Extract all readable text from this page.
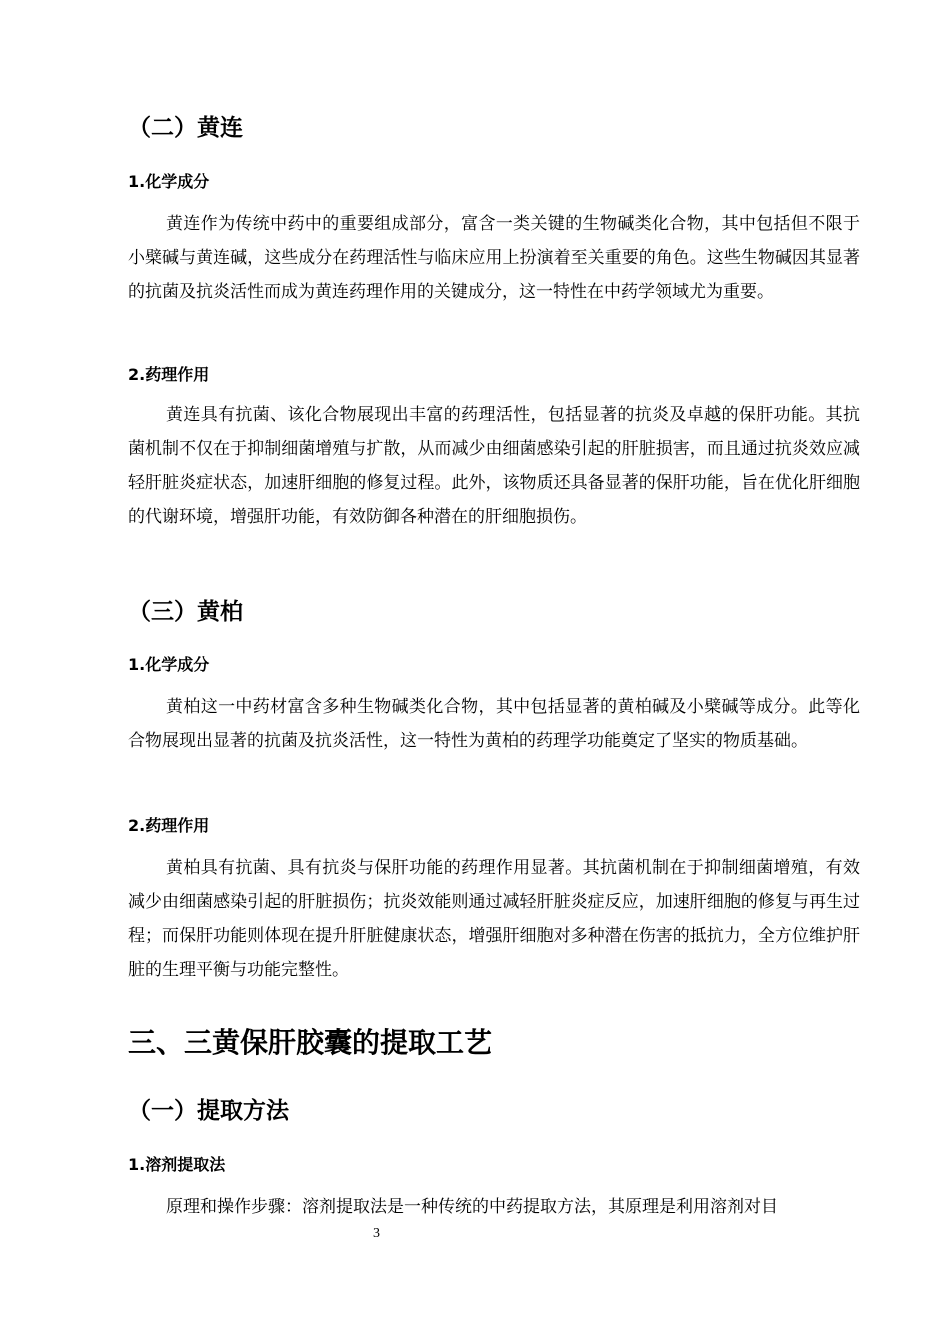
（二）黄连
1.化学成分

黄连作为传统中药中的重要组成部分，富含一类关键的生物碱类化合物，其中包括但不限于小檗碱与黄连碱，这些成分在药理活性与临床应用上扮演着至关重要的角色。这些生物碱因其显著的抗菌及抗炎活性而成为黄连药理作用的关键成分，这一特性在中药学领域尤为重要。

2.药理作用

黄连具有抗菌、该化合物展现出丰富的药理活性，包括显著的抗炎及卓越的保肝功能。其抗菌机制不仅在于抑制细菌增殖与扩散，从而减少由细菌感染引起的肝脏损害，而且通过抗炎效应减轻肝脏炎症状态，加速肝细胞的修复过程。此外，该物质还具备显著的保肝功能，旨在优化肝细胞的代谢环境，增强肝功能，有效防御各种潜在的肝细胞损伤。

（三）黄柏
1.化学成分

黄柏这一中药材富含多种生物碱类化合物，其中包括显著的黄柏碱及小檗碱等成分。此等化合物展现出显著的抗菌及抗炎活性，这一特性为黄柏的药理学功能奠定了坚实的物质基础。

2.药理作用

黄柏具有抗菌、具有抗炎与保肝功能的药理作用显著。其抗菌机制在于抑制细菌增殖，有效减少由细菌感染引起的肝脏损伤；抗炎效能则通过减轻肝脏炎症反应，加速肝细胞的修复与再生过程；而保肝功能则体现在提升肝脏健康状态，增强肝细胞对多种潜在伤害的抵抗力，全方位维护肝脏的生理平衡与功能完整性。

三、三黄保肝胶囊的提取工艺
（一）提取方法
1.溶剂提取法

原理和操作步骤：溶剂提取法是一种传统的中药提取方法，其原理是利用溶剂对目

3
